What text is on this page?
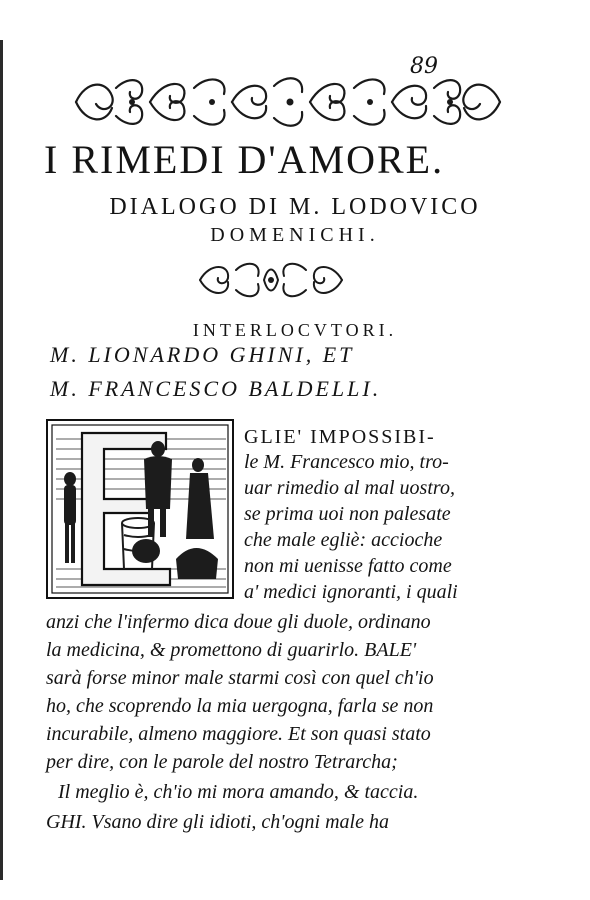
89
I RIMEDI D'AMORE.
DIALOGO DI M. LODOVICO
DOMENICHI.
INTERLOCVTORI.
M. LIONARDO GHINI, ET
M. FRANCESCO BALDELLI.
GLIE' IMPOSSIBI-
le M. Francesco mio, tro-
uar rimedio al mal uostro,
se prima uoi non palesate
che male egliè: accioche
non mi uenisse fatto come
a' medici ignoranti, i quali
anzi che l'infermo dica doue gli duole, ordinano
la medicina, & promettono di guarirlo. BALE'
sarà forse minor male starmi così con quel ch'io
ho, che scoprendo la mia uergogna, farla se non
incurabile, almeno maggiore. Et son quasi stato
per dire, con le parole del nostro Tetrarcha;
Il meglio è, ch'io mi mora amando, & taccia.
GHI. Vsano dire gli idioti, ch'ogni male ha
